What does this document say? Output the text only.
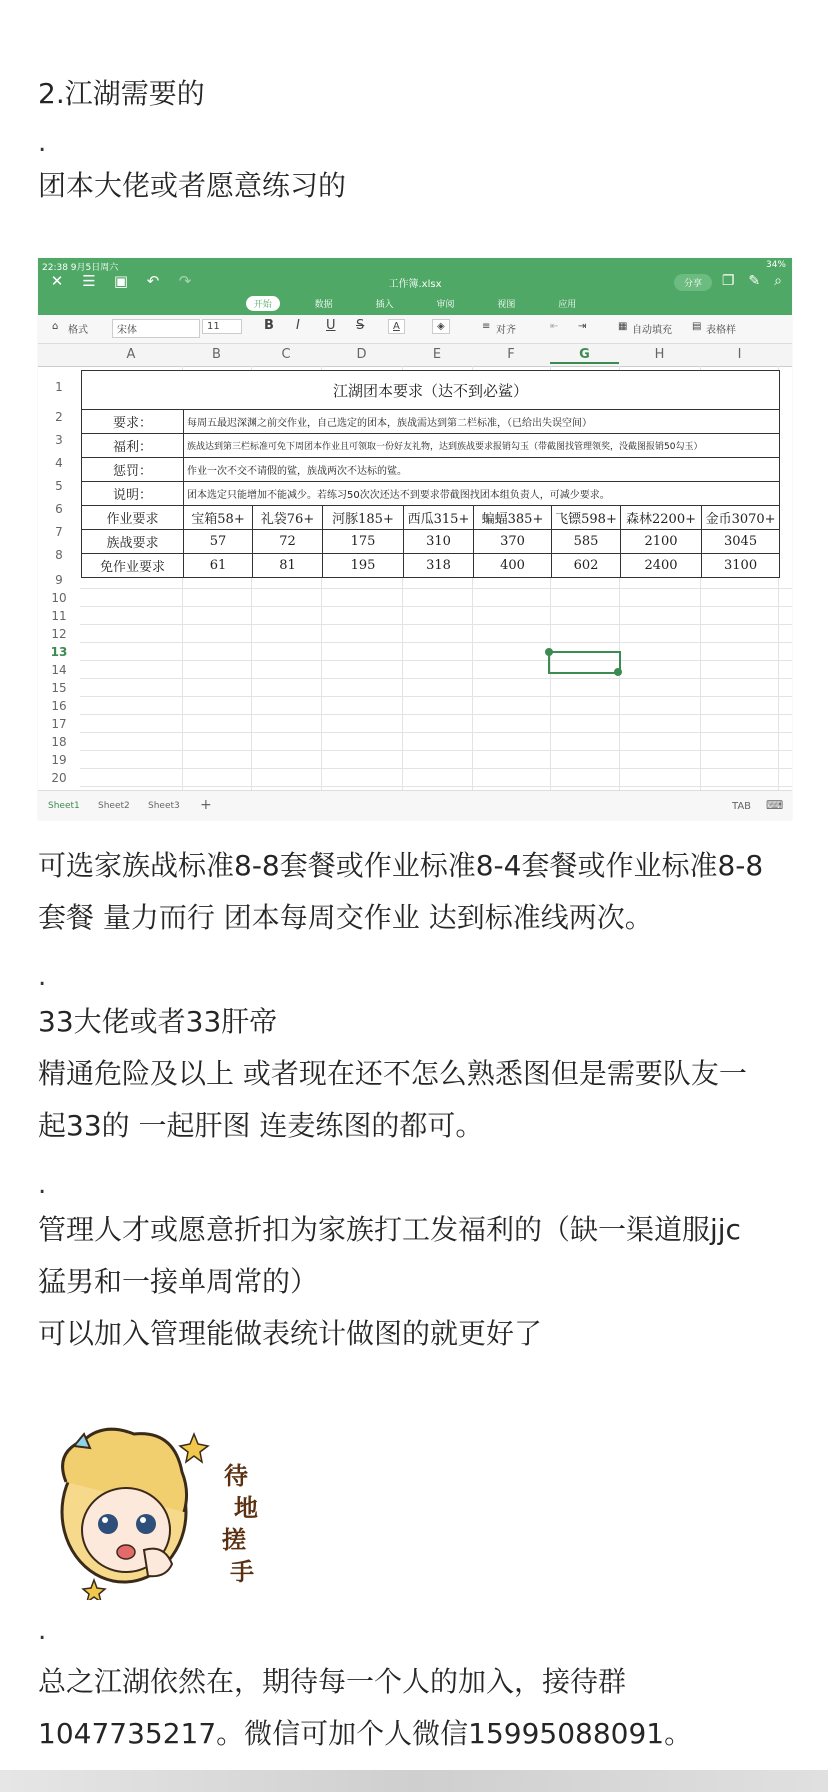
2.江湖需要的

.

团本大佬或者愿意练习的

22:38 9月5日周六	34%
✕ ☰ ▣ ↶ ↷	工作簿.xlsx	分享	❐ ✎ ⌕
开始	数据	插入	审阅	视图	应用
⌂ 格式	宋体	11	B I U S	A	◈	≡ 对齐	⇤ ⇥	▦ 自动填充 ▤ 表格样
A	B	C	D	E	F	G	H	I
1
2
3
4
5
6
7
8
9
10
11
12
13
14
15
16
17
18
19
20
江湖团本要求（达不到必鲨）								
要求：	每周五最迟深渊之前交作业，自己选定的团本，族战需达到第二栏标准，（已给出失误空间）							
福利：	族战达到第三栏标准可免下周团本作业且可领取一份好友礼物，达到族战要求报销勾玉（带截图找管理领奖，没截图报销50勾玉）							
惩罚：	作业一次不交不请假的鲨，族战两次不达标的鲨。							
说明：	团本选定只能增加不能减少。若练习50次次还达不到要求带截图找团本组负责人，可减少要求。							
作业要求	宝箱58+	礼袋76+	河豚185+	西瓜315+	蝙蝠385+	飞镖598+	森林2200+	金币3070+
族战要求	57	72	175	310	370	585	2100	3045
免作业要求	61	81	195	318	400	602	2400	3100
Sheet1 Sheet2 Sheet3 +	TAB ⌨

可选家族战标准8-8套餐或作业标准8-4套餐或作业标准8-8

套餐 量力而行 团本每周交作业 达到标准线两次。

.

33大佬或者33肝帝

精通危险及以上 或者现在还不怎么熟悉图但是需要队友一

起33的 一起肝图 连麦练图的都可。

.

管理人才或愿意折扣为家族打工发福利的（缺一渠道服jjc

猛男和一接单周常的）

可以加入管理能做表统计做图的就更好了

期
待
地
搓
手
.

总之江湖依然在，期待每一个人的加入，接待群

1047735217。微信可加个人微信15995088091。
